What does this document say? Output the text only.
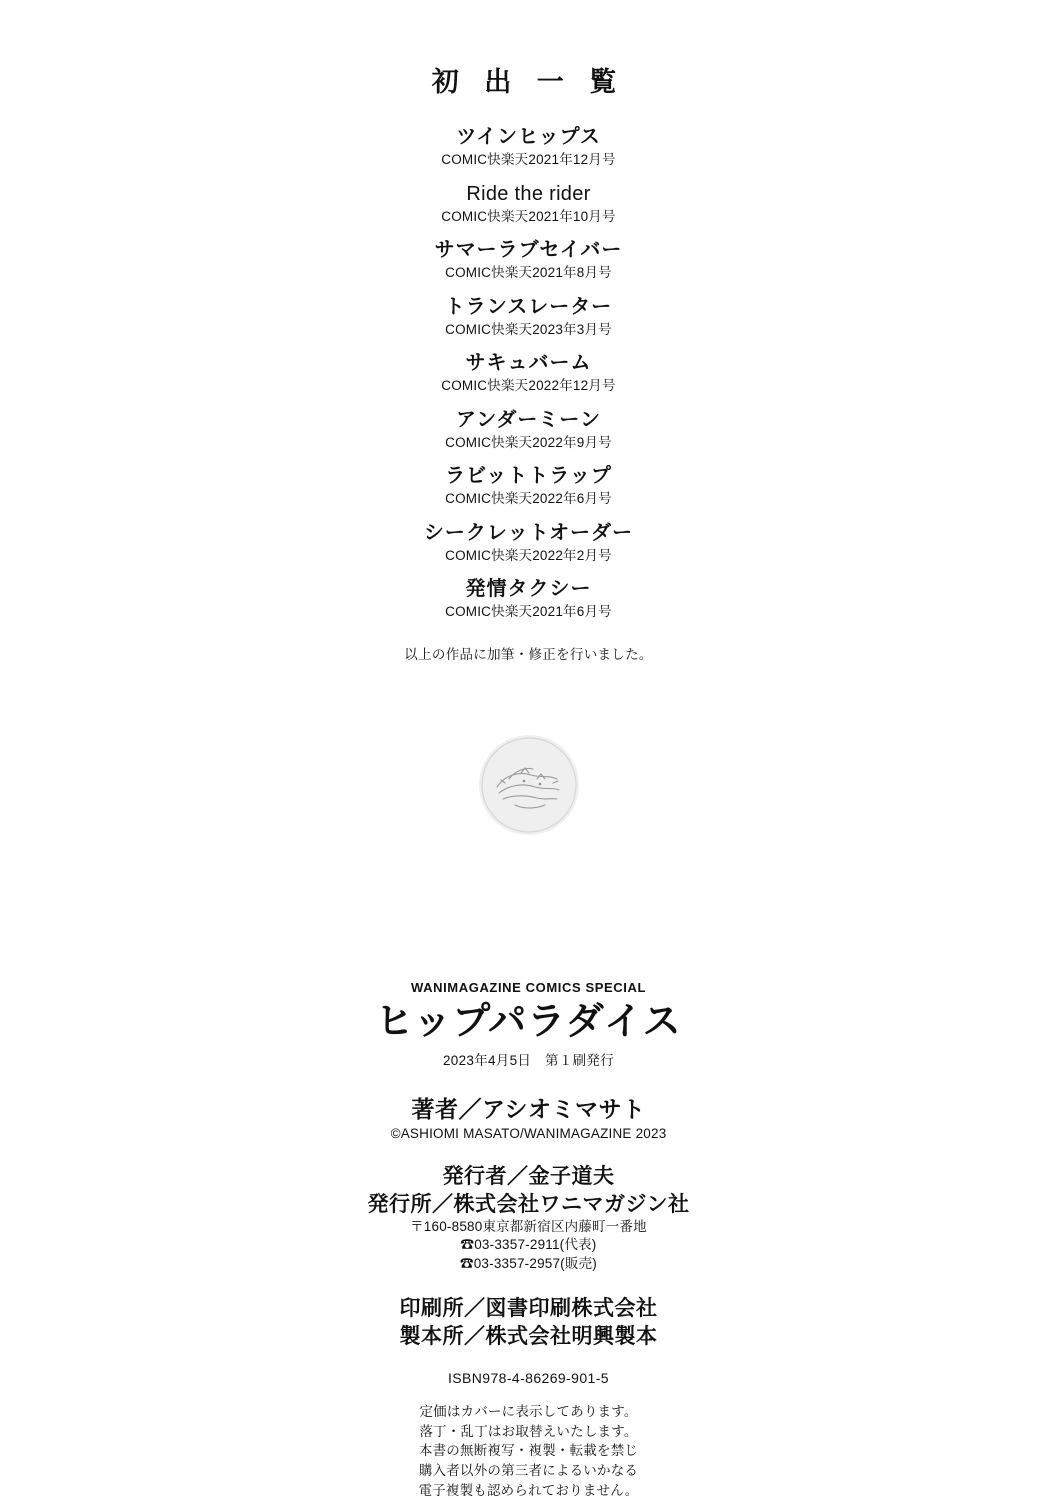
初 出 一 覧
ツインヒップス
COMIC快楽天2021年12月号
Ride the rider
COMIC快楽天2021年10月号
サマーラブセイバー
COMIC快楽天2021年8月号
トランスレーター
COMIC快楽天2023年3月号
サキュバーム
COMIC快楽天2022年12月号
アンダーミーン
COMIC快楽天2022年9月号
ラビットトラップ
COMIC快楽天2022年6月号
シークレットオーダー
COMIC快楽天2022年2月号
発情タクシー
COMIC快楽天2021年6月号
以上の作品に加筆・修正を行いました。
WANIMAGAZINE COMICS SPECIAL
ヒップパラダイス
2023年4月5日　第１刷発行
著者／アシオミマサト
©ASHIOMI MASATO/WANIMAGAZINE 2023
発行者／金子道夫
発行所／株式会社ワニマガジン社
〒160-8580東京都新宿区内藤町一番地
☎03-3357-2911(代表)
☎03-3357-2957(販売)
印刷所／図書印刷株式会社
製本所／株式会社明興製本
ISBN978-4-86269-901-5
定価はカバーに表示してあります。
落丁・乱丁はお取替えいたします。
本書の無断複写・複製・転載を禁じ
購入者以外の第三者によるいかなる
電子複製も認められておりません。
